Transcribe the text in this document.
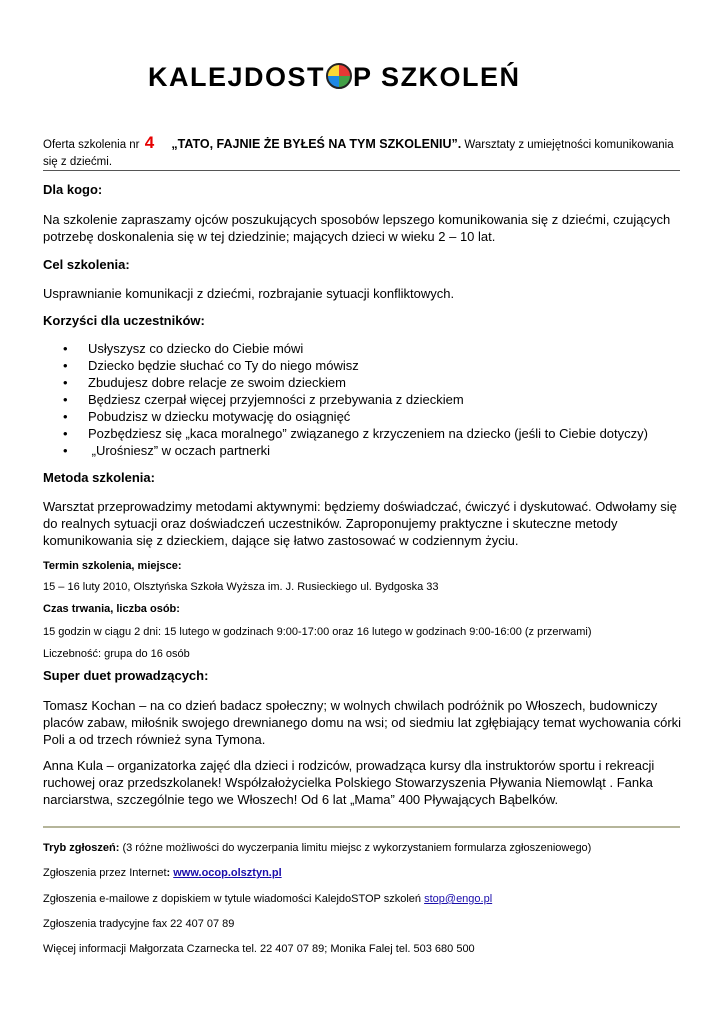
KALEJDOST P SZKOLEŃ
Oferta szkolenia nr 4 „TATO, FAJNIE ŻE BYŁEŚ NA TYM SZKOLENIU”. Warsztaty z umiejętności komunikowania się z dziećmi.
Dla kogo:
Na szkolenie zapraszamy ojców poszukujących sposobów lepszego komunikowania się z dziećmi, czujących potrzebę doskonalenia się w tej dziedzinie; mających dzieci w wieku 2 – 10 lat.
Cel szkolenia:
Usprawnianie komunikacji z dziećmi, rozbrajanie sytuacji konfliktowych.
Korzyści dla uczestników:
• Usłyszysz co dziecko do Ciebie mówi
• Dziecko będzie słuchać co Ty do niego mówisz
• Zbudujesz dobre relacje ze swoim dzieckiem
• Będziesz czerpał więcej przyjemności z przebywania z dzieckiem
• Pobudzisz w dziecku motywację do osiągnięć
• Pozbędziesz się „kaca moralnego” związanego z krzyczeniem na dziecko (jeśli to Ciebie dotyczy)
• „Urośniesz” w oczach partnerki
Metoda szkolenia:
Warsztat przeprowadzimy metodami aktywnymi: będziemy doświadczać, ćwiczyć i dyskutować. Odwołamy się do realnych sytuacji oraz doświadczeń uczestników. Zaproponujemy praktyczne i skuteczne metody komunikowania się z dzieckiem, dające się łatwo zastosować w codziennym życiu.
Termin szkolenia, miejsce:
15 – 16 luty 2010, Olsztyńska Szkoła Wyższa im. J. Rusieckiego ul. Bydgoska 33
Czas trwania, liczba osób:
15 godzin w ciągu 2 dni: 15 lutego w godzinach 9:00-17:00 oraz 16 lutego w godzinach 9:00-16:00 (z przerwami)
Liczebność: grupa do 16 osób
Super duet prowadzących:
Tomasz Kochan – na co dzień badacz społeczny; w wolnych chwilach podróżnik po Włoszech, budowniczy placów zabaw, miłośnik swojego drewnianego domu na wsi; od siedmiu lat zgłębiający temat wychowania córki Poli a od trzech również syna Tymona.
Anna Kula – organizatorka zajęć dla dzieci i rodziców, prowadząca kursy dla instruktorów sportu i rekreacji ruchowej oraz przedszkolanek! Współzałożycielka Polskiego Stowarzyszenia Pływania Niemowląt . Fanka narciarstwa, szczególnie tego we Włoszech! Od 6 lat „Mama” 400 Pływających Bąbelków.
Tryb zgłoszeń: (3 różne możliwości do wyczerpania limitu miejsc z wykorzystaniem formularza zgłoszeniowego)
Zgłoszenia przez Internet: www.ocop.olsztyn.pl
Zgłoszenia e-mailowe z dopiskiem w tytule wiadomości KalejdoSTOP szkoleń stop@engo.pl
Zgłoszenia tradycyjne fax 22 407 07 89
Więcej informacji Małgorzata Czarnecka tel. 22 407 07 89; Monika Falej tel. 503 680 500
